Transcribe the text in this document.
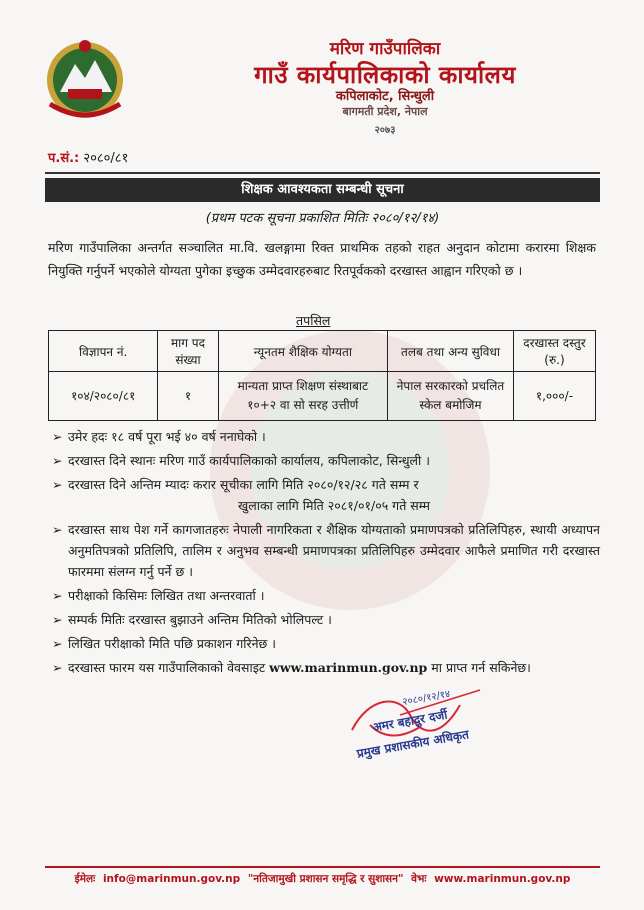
मरिण गाउँपालिका
गाउँ कार्यपालिकाको कार्यालय
कपिलाकोट, सिन्धुली
बागमती प्रदेश, नेपाल
२०७३
प.सं.: २०८०/८१
शिक्षक आवश्यकता सम्बन्धी सूचना
(प्रथम पटक सूचना प्रकाशित मितिः २०८०/१२/१४)
मरिण गाउँपालिका अन्तर्गत सञ्चालित मा.वि. खलङ्गामा रिक्त प्राथमिक तहको राहत अनुदान कोटामा करारमा शिक्षक नियुक्ति गर्नुपर्ने भएकोले योग्यता पुगेका इच्छुक उम्मेदवारहरुबाट रितपूर्वकको दरखास्त आह्वान गरिएको छ ।
तपसिल
विज्ञापन नं.	माग पद संख्या	न्यूनतम शैक्षिक योग्यता	तलब तथा अन्य सुविधा	दरखास्त दस्तुर (रु.)
१०४/२०८०/८१	१	मान्यता प्राप्त शिक्षण संस्थाबाट १०+२ वा सो सरह उत्तीर्ण	नेपाल सरकारको प्रचलित स्केल बमोजिम	१,०००/-
➢ उमेर हदः १८ वर्ष पूरा भई ४० वर्ष ननाघेको ।
➢ दरखास्त दिने स्थानः मरिण गाउँ कार्यपालिकाको कार्यालय, कपिलाकोट, सिन्धुली ।
➢ दरखास्त दिने अन्तिम म्यादः करार सूचीका लागि मिति २०८०/१२/२८ गते सम्म र
खुलाका लागि मिति २०८१/०१/०५ गते सम्म
➢ दरखास्त साथ पेश गर्ने कागजातहरुः नेपाली नागरिकता र शैक्षिक योग्यताको प्रमाणपत्रको प्रतिलिपिहरु, स्थायी अध्यापन अनुमतिपत्रको प्रतिलिपि, तालिम र अनुभव सम्बन्धी प्रमाणपत्रका प्रतिलिपिहरु उम्मेदवार आफैले प्रमाणित गरी दरखास्त फारममा संलग्न गर्नु पर्ने छ ।
➢ परीक्षाको किसिमः लिखित तथा अन्तरवार्ता ।
➢ सम्पर्क मितिः दरखास्त बुझाउने अन्तिम मितिको भोलिपल्ट ।
➢ लिखित परीक्षाको मिति पछि प्रकाशन गरिनेछ ।
➢ दरखास्त फारम यस गाउँपालिकाको वेवसाइट www.marinmun.gov.np मा प्राप्त गर्न सकिनेछ।
२०८०/१२/१४
अमर बहादुर दर्जी
प्रमुख प्रशासकीय अधिकृत
ईमेलः info@marinmun.gov.np "नतिजामुखी प्रशासन समृद्धि र सुशासन" वेभः www.marinmun.gov.np
